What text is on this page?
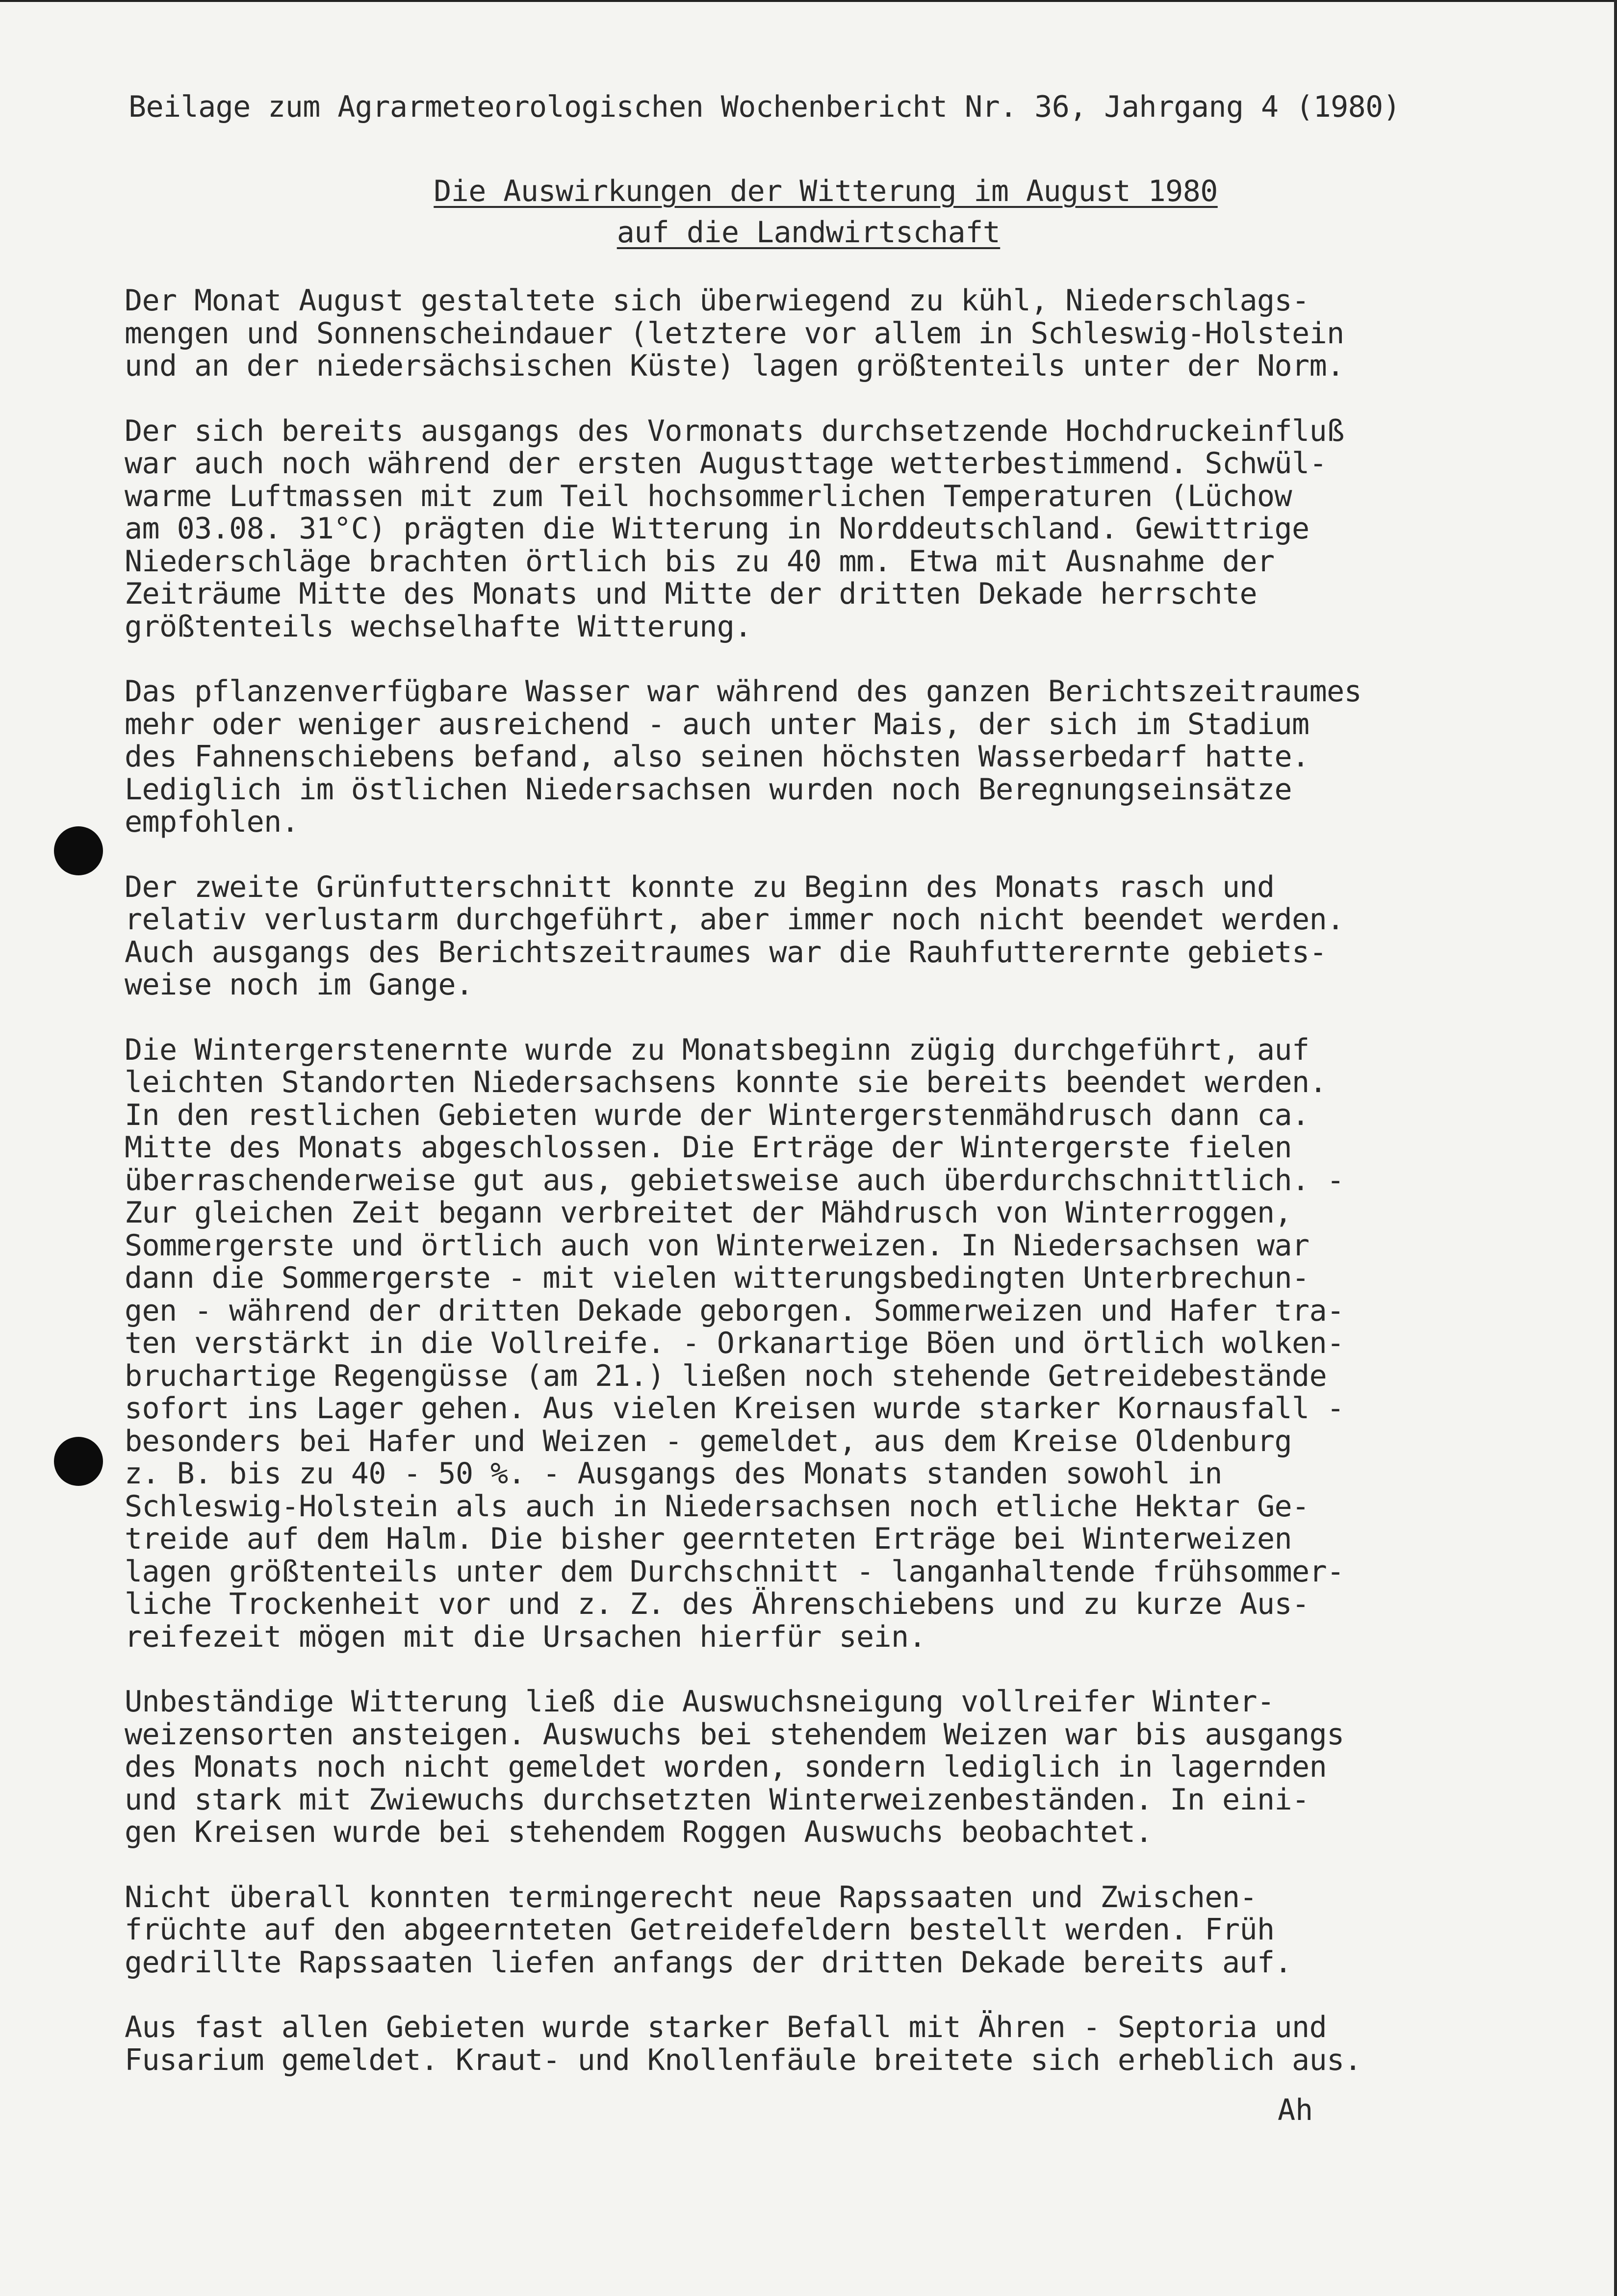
Beilage zum Agrarmeteorologischen Wochenbericht Nr. 36, Jahrgang 4 (1980)
Die Auswirkungen der Witterung im August 1980
auf die Landwirtschaft
Der Monat August gestaltete sich überwiegend zu kühl, Niederschlags-
mengen und Sonnenscheindauer (letztere vor allem in Schleswig-Holstein
und an der niedersächsischen Küste) lagen größtenteils unter der Norm.
Der sich bereits ausgangs des Vormonats durchsetzende Hochdruckeinfluß
war auch noch während der ersten Augusttage wetterbestimmend. Schwül-
warme Luftmassen mit zum Teil hochsommerlichen Temperaturen (Lüchow
am 03.08. 31°C) prägten die Witterung in Norddeutschland. Gewittrige
Niederschläge brachten örtlich bis zu 40 mm. Etwa mit Ausnahme der
Zeiträume Mitte des Monats und Mitte der dritten Dekade herrschte
größtenteils wechselhafte Witterung.
Das pflanzenverfügbare Wasser war während des ganzen Berichtszeitraumes
mehr oder weniger ausreichend - auch unter Mais, der sich im Stadium
des Fahnenschiebens befand, also seinen höchsten Wasserbedarf hatte.
Lediglich im östlichen Niedersachsen wurden noch Beregnungseinsätze
empfohlen.
Der zweite Grünfutterschnitt konnte zu Beginn des Monats rasch und
relativ verlustarm durchgeführt, aber immer noch nicht beendet werden.
Auch ausgangs des Berichtszeitraumes war die Rauhfutterernte gebiets-
weise noch im Gange.
Die Wintergerstenernte wurde zu Monatsbeginn zügig durchgeführt, auf
leichten Standorten Niedersachsens konnte sie bereits beendet werden.
In den restlichen Gebieten wurde der Wintergerstenmähdrusch dann ca.
Mitte des Monats abgeschlossen. Die Erträge der Wintergerste fielen
überraschenderweise gut aus, gebietsweise auch überdurchschnittlich. -
Zur gleichen Zeit begann verbreitet der Mähdrusch von Winterroggen,
Sommergerste und örtlich auch von Winterweizen. In Niedersachsen war
dann die Sommergerste - mit vielen witterungsbedingten Unterbrechun-
gen - während der dritten Dekade geborgen. Sommerweizen und Hafer tra-
ten verstärkt in die Vollreife. - Orkanartige Böen und örtlich wolken-
bruchartige Regengüsse (am 21.) ließen noch stehende Getreidebestände
sofort ins Lager gehen. Aus vielen Kreisen wurde starker Kornausfall -
besonders bei Hafer und Weizen - gemeldet, aus dem Kreise Oldenburg
z. B. bis zu 40 - 50 %. - Ausgangs des Monats standen sowohl in
Schleswig-Holstein als auch in Niedersachsen noch etliche Hektar Ge-
treide auf dem Halm. Die bisher geernteten Erträge bei Winterweizen
lagen größtenteils unter dem Durchschnitt - langanhaltende frühsommer-
liche Trockenheit vor und z. Z. des Ährenschiebens und zu kurze Aus-
reifezeit mögen mit die Ursachen hierfür sein.
Unbeständige Witterung ließ die Auswuchsneigung vollreifer Winter-
weizensorten ansteigen. Auswuchs bei stehendem Weizen war bis ausgangs
des Monats noch nicht gemeldet worden, sondern lediglich in lagernden
und stark mit Zwiewuchs durchsetzten Winterweizenbeständen. In eini-
gen Kreisen wurde bei stehendem Roggen Auswuchs beobachtet.
Nicht überall konnten termingerecht neue Rapssaaten und Zwischen-
früchte auf den abgeernteten Getreidefeldern bestellt werden. Früh
gedrillte Rapssaaten liefen anfangs der dritten Dekade bereits auf.
Aus fast allen Gebieten wurde starker Befall mit Ähren - Septoria und
Fusarium gemeldet. Kraut- und Knollenfäule breitete sich erheblich aus.
Ah
